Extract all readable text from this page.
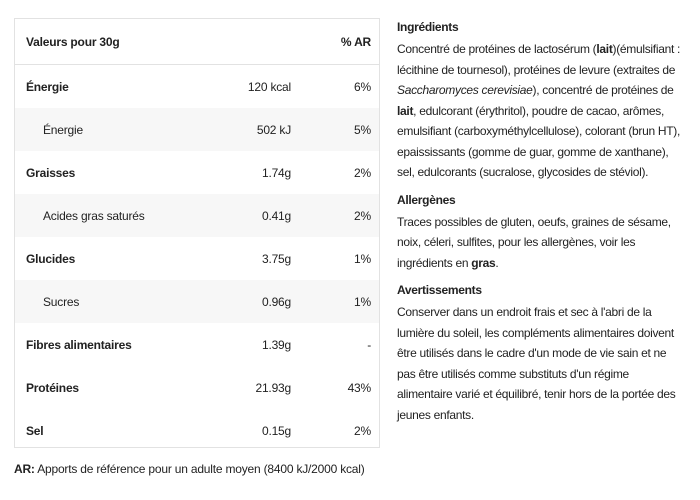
Valeurs pour 30g	% AR
Énergie	120 kcal	6%
Énergie	502 kJ	5%
Graisses	1.74g	2%
Acides gras saturés	0.41g	2%
Glucides	3.75g	1%
Sucres	0.96g	1%
Fibres alimentaires	1.39g	-
Protéines	21.93g	43%
Sel	0.15g	2%
AR: Apports de référence pour un adulte moyen (8400 kJ/2000 kcal)
Ingrédients

Concentré de protéines de lactosérum (lait)(émulsifiant : lécithine de tournesol), protéines de levure (extraites de Saccharomyces cerevisiae), concentré de protéines de lait, edulcorant (érythritol), poudre de cacao, arômes, emulsifiant (carboxyméthylcellulose), colorant (brun HT), epaississants (gomme de guar, gomme de xanthane), sel, edulcorants (sucralose, glycosides de stéviol).

Allergènes

Traces possibles de gluten, oeufs, graines de sésame, noix, céleri, sulfites, pour les allergènes, voir les ingrédients en gras.

Avertissements

Conserver dans un endroit frais et sec à l'abri de la lumière du soleil, les compléments alimentaires doivent être utilisés dans le cadre d'un mode de vie sain et ne pas être utilisés comme substituts d'un régime alimentaire varié et équilibré, tenir hors de la portée des jeunes enfants.
